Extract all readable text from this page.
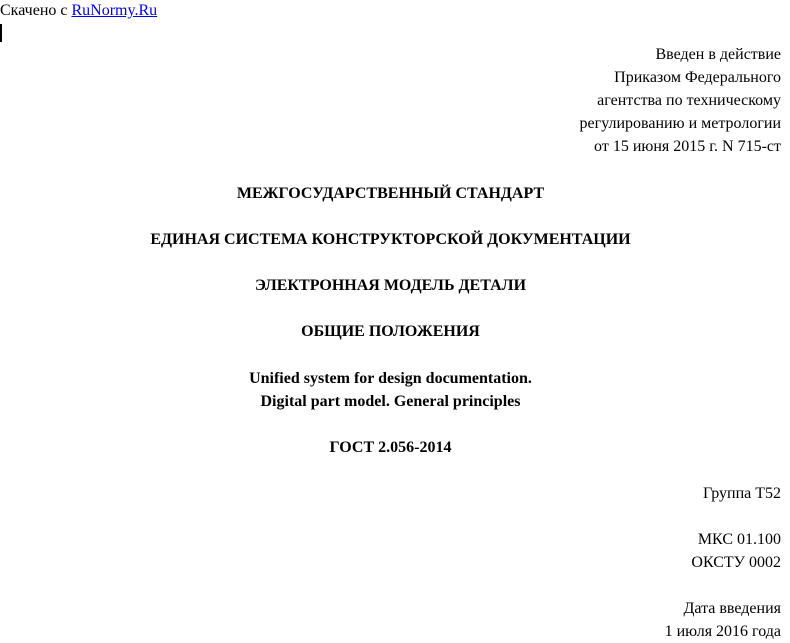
Скачено с RuNormy.Ru
Введен в действие
Приказом Федерального
агентства по техническому
регулированию и метрологии
от 15 июня 2015 г. N 715-ст
МЕЖГОСУДАРСТВЕННЫЙ СТАНДАРТ
ЕДИНАЯ СИСТЕМА КОНСТРУКТОРСКОЙ ДОКУМЕНТАЦИИ
ЭЛЕКТРОННАЯ МОДЕЛЬ ДЕТАЛИ
ОБЩИЕ ПОЛОЖЕНИЯ
Unified system for design documentation.
Digital part model. General principles
ГОСТ 2.056-2014
Группа Т52
МКС 01.100
ОКСТУ 0002
Дата введения
1 июля 2016 года
